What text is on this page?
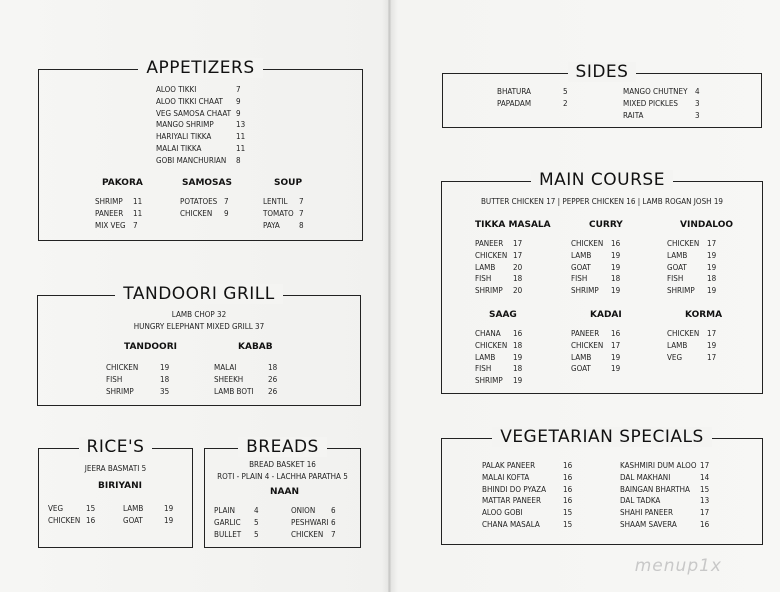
APPETIZERS
ALOO TIKKI	7
ALOO TIKKI CHAAT	9
VEG SAMOSA CHAAT 9
MANGO SHRIMP	13
HARIYALI TIKKA	11
MALAI TIKKA	11
GOBI MANCHURIAN	8
PAKORA
SHRIMP	11
PANEER	11
MIX VEG 7
SAMOSAS
POTATOES 7
CHICKEN	9
SOUP
LENTIL	7
TOMATO 7
PAYA	8
TANDOORI GRILL
LAMB CHOP 32
HUNGRY ELEPHANT MIXED GRILL 37
TANDOORI
CHICKEN	19
FISH	18
SHRIMP	35
KABAB
MALAI	18
SHEEKH	26
LAMB BOTI	26
RICE'S
JEERA BASMATI 5
BIRIYANI
VEG	15
CHICKEN 16
LAMB	19
GOAT	19
BREADS
BREAD BASKET 16
ROTI - PLAIN 4 - LACHHA PARATHA 5
NAAN
PLAIN	4
GARLIC	5
BULLET	5
ONION	6
PESHWARI 6
CHICKEN 7
SIDES
BHATURA	5
PAPADAM	2
MANGO CHUTNEY 4
MIXED PICKLES	3
RAITA	3
MAIN COURSE
BUTTER CHICKEN 17 | PEPPER CHICKEN 16 | LAMB ROGAN JOSH 19
TIKKA MASALA
PANEER	17
CHICKEN 17
LAMB	20
FISH	18
SHRIMP	20
CURRY
CHICKEN 16
LAMB	19
GOAT	19
FISH	18
SHRIMP	19
VINDALOO
CHICKEN 17
LAMB	19
GOAT	19
FISH	18
SHRIMP	19
SAAG
CHANA	16
CHICKEN 18
LAMB	19
FISH	18
SHRIMP	19
KADAI
PANEER	16
CHICKEN 17
LAMB	19
GOAT	19
KORMA
CHICKEN 17
LAMB	19
VEG	17
VEGETARIAN SPECIALS
PALAK PANEER	16
MALAI KOFTA	16
BHINDI DO PYAZA	16
MATTAR PANEER	16
ALOO GOBI	15
CHANA MASALA	15
KASHMIRI DUM ALOO 17
DAL MAKHANI	14
BAINGAN BHARTHA	15
DAL TADKA	13
SHAHI PANEER	17
SHAAM SAVERA	16
menup1x
